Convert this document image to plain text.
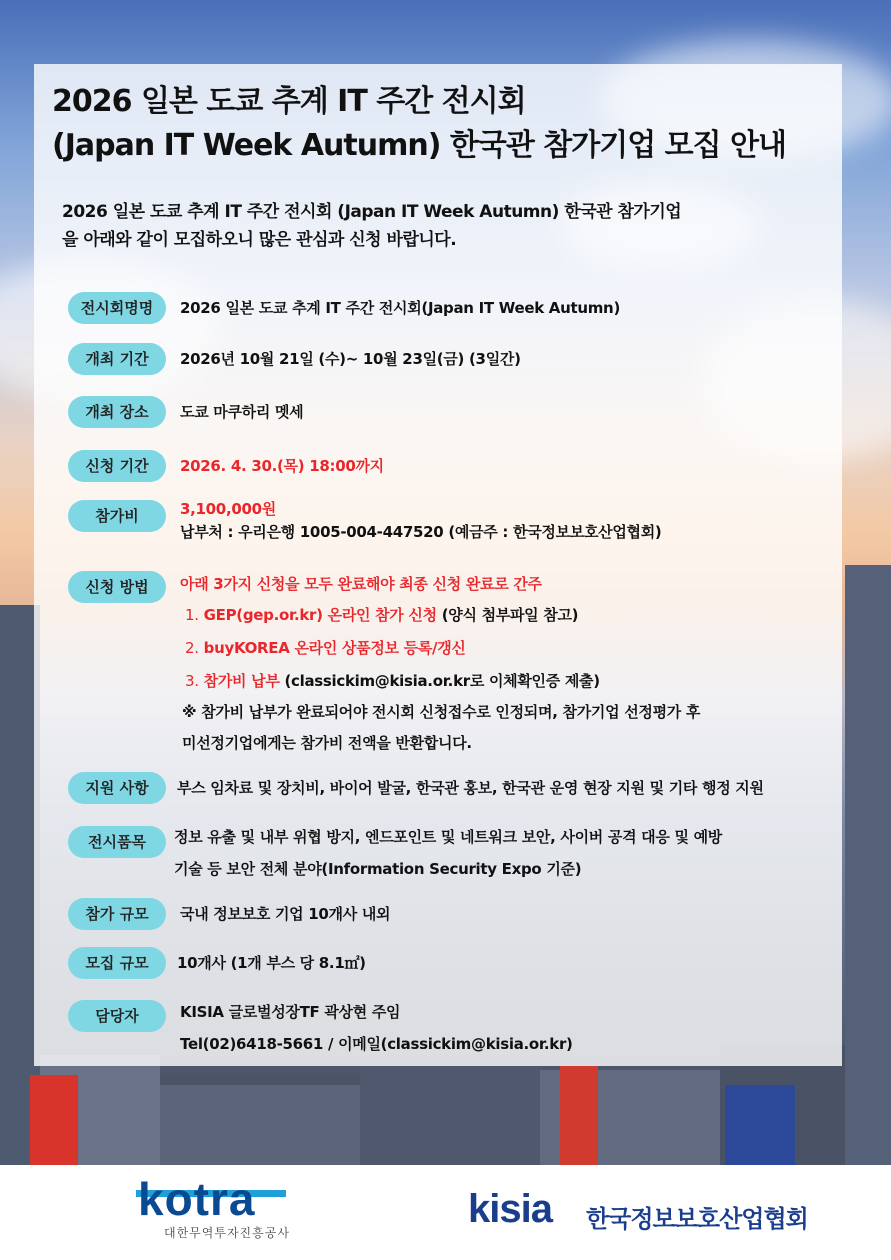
2026 일본 도쿄 추계 IT 주간 전시회
(Japan IT Week Autumn) 한국관 참가기업 모집 안내
2026 일본 도쿄 추계 IT 주간 전시회 (Japan IT Week Autumn) 한국관 참가기업
을 아래와 같이 모집하오니 많은 관심과 신청 바랍니다.
전시회명명	2026 일본 도쿄 추계 IT 주간 전시회(Japan IT Week Autumn)
개최 기간	2026년 10월 21일 (수)~ 10월 23일(금) (3일간)
개최 장소	도쿄 마쿠하리 멧세
신청 기간	2026. 4. 30.(목) 18:00까지
참가비	3,100,000원
납부처 : 우리은행 1005-004-447520 (예금주 : 한국정보보호산업협회)
신청 방법	아래 3가지 신청을 모두 완료해야 최종 신청 완료로 간주
1. GEP(gep.or.kr) 온라인 참가 신청 (양식 첨부파일 참고)
2. buyKOREA 온라인 상품정보 등록/갱신
3. 참가비 납부 (classickim@kisia.or.kr로 이체확인증 제출)
※ 참가비 납부가 완료되어야 전시회 신청접수로 인정되며, 참가기업 선정평가 후
미선정기업에게는 참가비 전액을 반환합니다.
지원 사항	부스 임차료 및 장치비, 바이어 발굴, 한국관 홍보, 한국관 운영 현장 지원 및 기타 행정 지원
전시품목	정보 유출 및 내부 위협 방지, 엔드포인트 및 네트워크 보안, 사이버 공격 대응 및 예방
기술 등 보안 전체 분야(Information Security Expo 기준)
참가 규모	국내 정보보호 기업 10개사 내외
모집 규모	10개사 (1개 부스 당 8.1㎡)
담당자	KISIA 글로벌성장TF 곽상현 주임
Tel(02)6418-5661 / 이메일(classickim@kisia.or.kr)
kotra
대한무역투자진흥공사
kisia 한국정보보호산업협회
